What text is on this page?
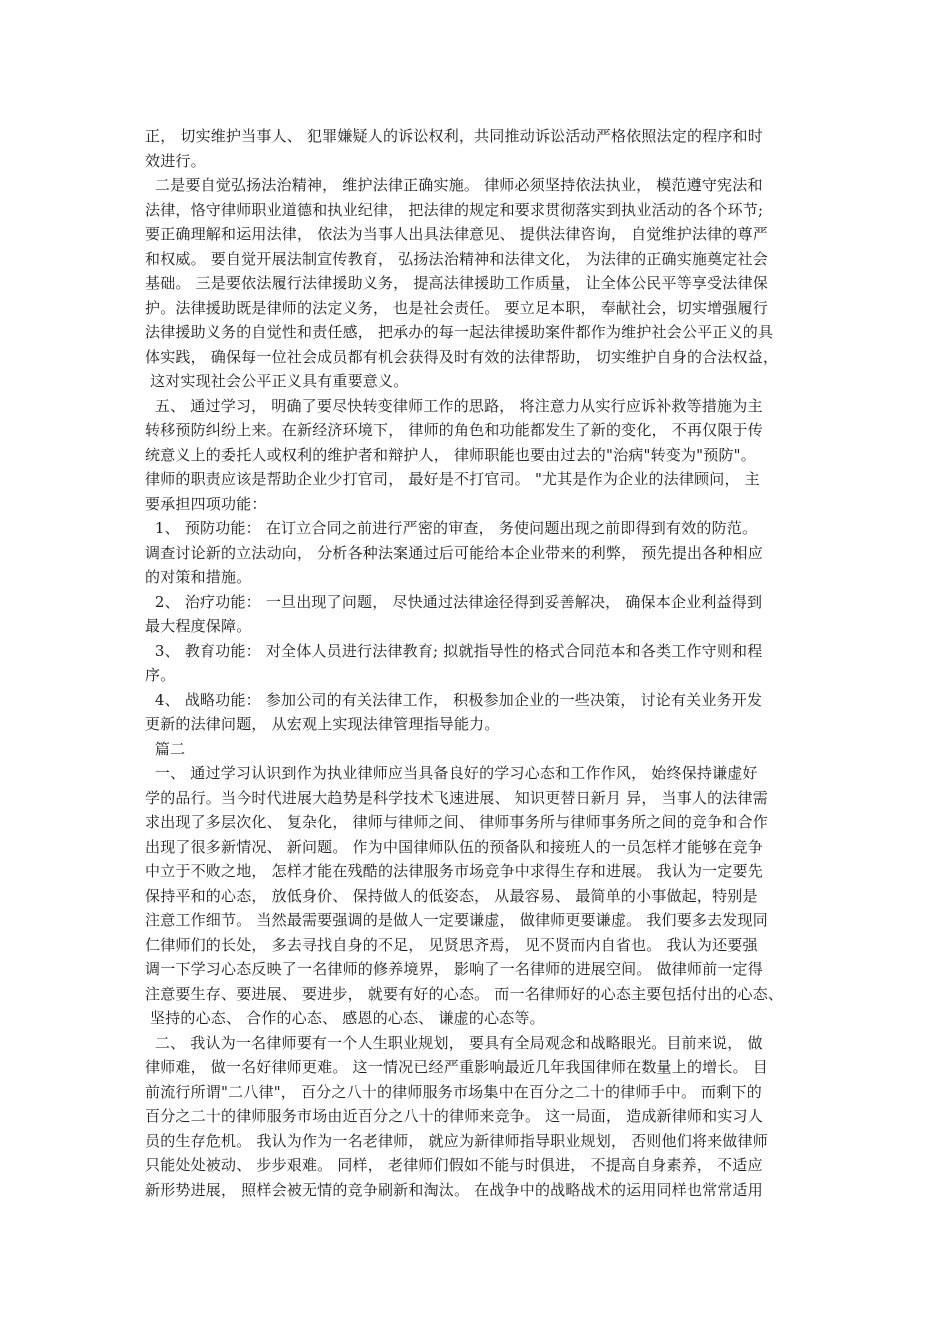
正， 切实维护当事人、 犯罪嫌疑人的诉讼权利，共同推动诉讼活动严格依照法定的程序和时
效进行。
二是要自觉弘扬法治精神， 维护法律正确实施。 律师必须坚持依法执业， 模范遵守宪法和
法律，恪守律师职业道德和执业纪律， 把法律的规定和要求贯彻落实到执业活动的各个环节;
要正确理解和运用法律， 依法为当事人出具法律意见、 提供法律咨询， 自觉维护法律的尊严
和权威。 要自觉开展法制宣传教育， 弘扬法治精神和法律文化， 为法律的正确实施奠定社会
基础。 三是要依法履行法律援助义务， 提高法律援助工作质量， 让全体公民平等享受法律保
护。法律援助既是律师的法定义务， 也是社会责任。 要立足本职， 奉献社会，切实增强履行
法律援助义务的自觉性和责任感， 把承办的每一起法律援助案件都作为维护社会公平正义的具
体实践， 确保每一位社会成员都有机会获得及时有效的法律帮助， 切实维护自身的合法权益，
这对实现社会公平正义具有重要意义。
五、 通过学习， 明确了要尽快转变律师工作的思路， 将注意力从实行应诉补救等措施为主
转移预防纠纷上来。在新经济环境下， 律师的角色和功能都发生了新的变化， 不再仅限于传
统意义上的委托人或权利的维护者和辩护人， 律师职能也要由过去的"治病"转变为"预防"。
律师的职责应该是帮助企业少打官司， 最好是不打官司。 "尤其是作为企业的法律顾问， 主
要承担四项功能：
1、 预防功能： 在订立合同之前进行严密的审查， 务使问题出现之前即得到有效的防范。
调查讨论新的立法动向， 分析各种法案通过后可能给本企业带来的利弊， 预先提出各种相应
的对策和措施。
2、 治疗功能： 一旦出现了问题， 尽快通过法律途径得到妥善解决， 确保本企业利益得到
最大程度保障。
3、 教育功能： 对全体人员进行法律教育; 拟就指导性的格式合同范本和各类工作守则和程
序。
4、 战略功能： 参加公司的有关法律工作， 积极参加企业的一些决策， 讨论有关业务开发
更新的法律问题， 从宏观上实现法律管理指导能力。
篇二
一、 通过学习认识到作为执业律师应当具备良好的学习心态和工作作风， 始终保持谦虚好
学的品行。当今时代进展大趋势是科学技术飞速进展、 知识更替日新月 异， 当事人的法律需
求出现了多层次化、 复杂化， 律师与律师之间、 律师事务所与律师事务所之间的竞争和合作
出现了很多新情况、 新问题。 作为中国律师队伍的预备队和接班人的一员怎样才能够在竞争
中立于不败之地， 怎样才能在残酷的法律服务市场竞争中求得生存和进展。 我认为一定要先
保持平和的心态， 放低身价、 保持做人的低姿态， 从最容易、 最简单的小事做起，特别是
注意工作细节。 当然最需要强调的是做人一定要谦虚， 做律师更要谦虚。 我们要多去发现同
仁律师们的长处， 多去寻找自身的不足， 见贤思齐焉， 见不贤而内自省也。 我认为还要强
调一下学习心态反映了一名律师的修养境界， 影响了一名律师的进展空间。 做律师前一定得
注意要生存、要进展、 要进步， 就要有好的心态。 而一名律师好的心态主要包括付出的心态、
坚持的心态、 合作的心态、 感恩的心态、 谦虚的心态等。
二、 我认为一名律师要有一个人生职业规划， 要具有全局观念和战略眼光。目前来说， 做
律师难， 做一名好律师更难。 这一情况已经严重影响最近几年我国律师在数量上的增长。 目
前流行所谓"二八律"， 百分之八十的律师服务市场集中在百分之二十的律师手中。 而剩下的
百分之二十的律师服务市场由近百分之八十的律师来竞争。 这一局面， 造成新律师和实习人
员的生存危机。 我认为作为一名老律师， 就应为新律师指导职业规划， 否则他们将来做律师
只能处处被动、 步步艰难。 同样， 老律师们假如不能与时俱进， 不提高自身素养， 不适应
新形势进展， 照样会被无情的竞争刷新和淘汰。 在战争中的战略战术的运用同样也常常适用
